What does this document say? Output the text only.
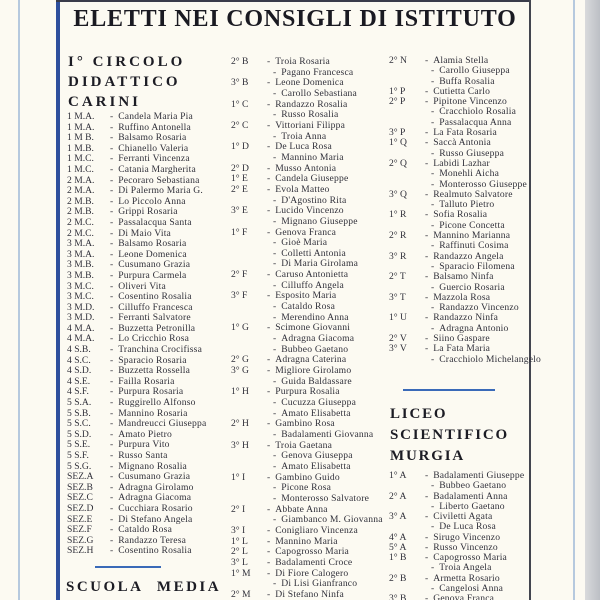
ELETTI NEI CONSIGLI DI ISTITUTO
I° CIRCOLO
DIDATTICO
CARINI
1 M.A. - Candela Maria Pia
1 M.A. - Ruffino Antonella
1 M B. -	Balsamo Rosaria
1 M.B. -	Chianello Valeria
1 M.C. -	Ferranti Vincenza
1 M.C. -	Catania Margherita
2 M.A. - Pecoraro Sebastiana
2 M.A. - Di Palermo Maria G.
2 M.B. -	Lo Piccolo Anna
2 M.B. -	Grippi Rosaria
2 M.C. -	Passalacqua Santa
2 M.C. -	Di Maio Vita
3 M.A. - Balsamo Rosaria
3 M.A. - Leone Domenica
3 M.B. -	Cusumano Grazia
3 M.B. -	Purpura Carmela
3 M.C. -	Oliveri Vita
3 M.C. -	Cosentino Rosalia
3 M.D. - Cilluffo Francesca
3 M.D. - Ferranti Salvatore
4 M.A. - Buzzetta Petronilla
4 M.A. - Lo Cricchio Rosa
4 S.B. -	Tranchina Crocifissa
4 S.C. -	Sparacio Rosaria
4 S.D. -	Buzzetta Rossella
4 S.E. -	Failla Rosaria
4 S.F. -	Purpura Rosaria
5 S.A. -	Ruggirello Alfonso
5 S.B. -	Mannino Rosaria
5 S.C. -	Mandreucci Giuseppa
5 S.D. -	Amato Pietro
5 S.E. -	Purpura Vito
5 S.F. -	Russo Santa
5 S.G. -	Mignano Rosalia
SEZ.A -	Cusumano Grazia
SEZ.B -	Adragna Girolamo
SEZ.C -	Adragna Giacoma
SEZ.D -	Cucchiara Rosario
SEZ.E -	Di Stefano Angela
SEZ.F -	Cataldo Rosa
SEZ.G -	Randazzo Teresa
SEZ.H -	Cosentino Rosalia
SCUOLA MEDIA
2° B -	Troia Rosaria
- Pagano Francesca
3° B -	Leone Domenica
- Carollo Sebastiana
1° C -	Randazzo Rosalia
- Russo Rosalia
2° C -	Vittoriani Filippa
- Troia Anna
1° D -	De Luca Rosa
- Mannino Maria
2° D -	Musso Antonia
1° E -	Candela Giuseppe
2° E -	Evola Matteo
- D'Agostino Rita
3° E -	Lucido Vincenzo
- Mignano Giuseppe
1° F -	Genova Franca
- Gioè Maria
- Colletti Antonia
- Di Maria Girolama
2° F -	Caruso Antonietta
- Cilluffo Angela
3° F -	Esposito Maria
- Cataldo Rosa
- Merendino Anna
1° G -	Scimone Giovanni
- Adragna Giacoma
- Bubbeo Gaetano
2° G -	Adragna Caterina
3° G -	Migliore Girolamo
- Guida Baldassare
1° H -	Purpura Rosalia
- Cucuzza Giuseppa
- Amato Elisabetta
2° H -	Gambino Rosa
- Badalamenti Giovanna
3° H -	Troia Gaetana
- Genova Giuseppa
- Amato Elisabetta
1° I -	Gambino Guido
- Picone Rosa
- Monterosso Salvatore
2° I -	Abbate Anna
- Giambanco M. Giovanna
3° I -	Conigliaro Vincenza
1° L -	Mannino Maria
2° L -	Capogrosso Maria
3° L -	Badalamenti Croce
1° M -	Di Fiore Calogero
- Di Lisi Gianfranco
2° M -	Di Stefano Ninfa
2° N -	Alamia Stella
- Carollo Giuseppa
- Buffa Rosalia
1° P -	Cutietta Carlo
2° P -	Pipitone Vincenzo
- Cracchiolo Rosalia
- Passalacqua Anna
3° P -	La Fata Rosaria
1° Q -	Saccà Antonia
- Russo Giuseppa
2° Q -	Labidi Lazhar
- Monehli Aicha
- Monterosso Giuseppe
3° Q -	Realmuto Salvatore
- Talluto Pietro
1° R -	Sofia Rosalia
- Picone Concetta
2° R -	Mannino Marianna
- Raffinuti Cosima
3° R -	Randazzo Angela
- Sparacio Filomena
2° T -	Balsamo Ninfa
- Guercio Rosaria
3° T -	Mazzola Rosa
- Randazzo Vincenzo
1° U -	Randazzo Ninfa
- Adragna Antonio
2° V -	Siino Gaspare
3° V -	La Fata Maria
- Cracchiolo Michelangelo
LICEO
SCIENTIFICO
MURGIA
1° A -	Badalamenti Giuseppe
- Bubbeo Gaetano
2° A -	Badalamenti Anna
- Liberto Gaetano
3° A -	Civiletti Agata
- De Luca Rosa
4° A -	Sirugo Vincenzo
5° A -	Russo Vincenzo
1° B -	Capogrosso Maria
- Troia Angela
2° B -	Armetta Rosario
- Cangelosi Anna
3° B -	Genova Franca
